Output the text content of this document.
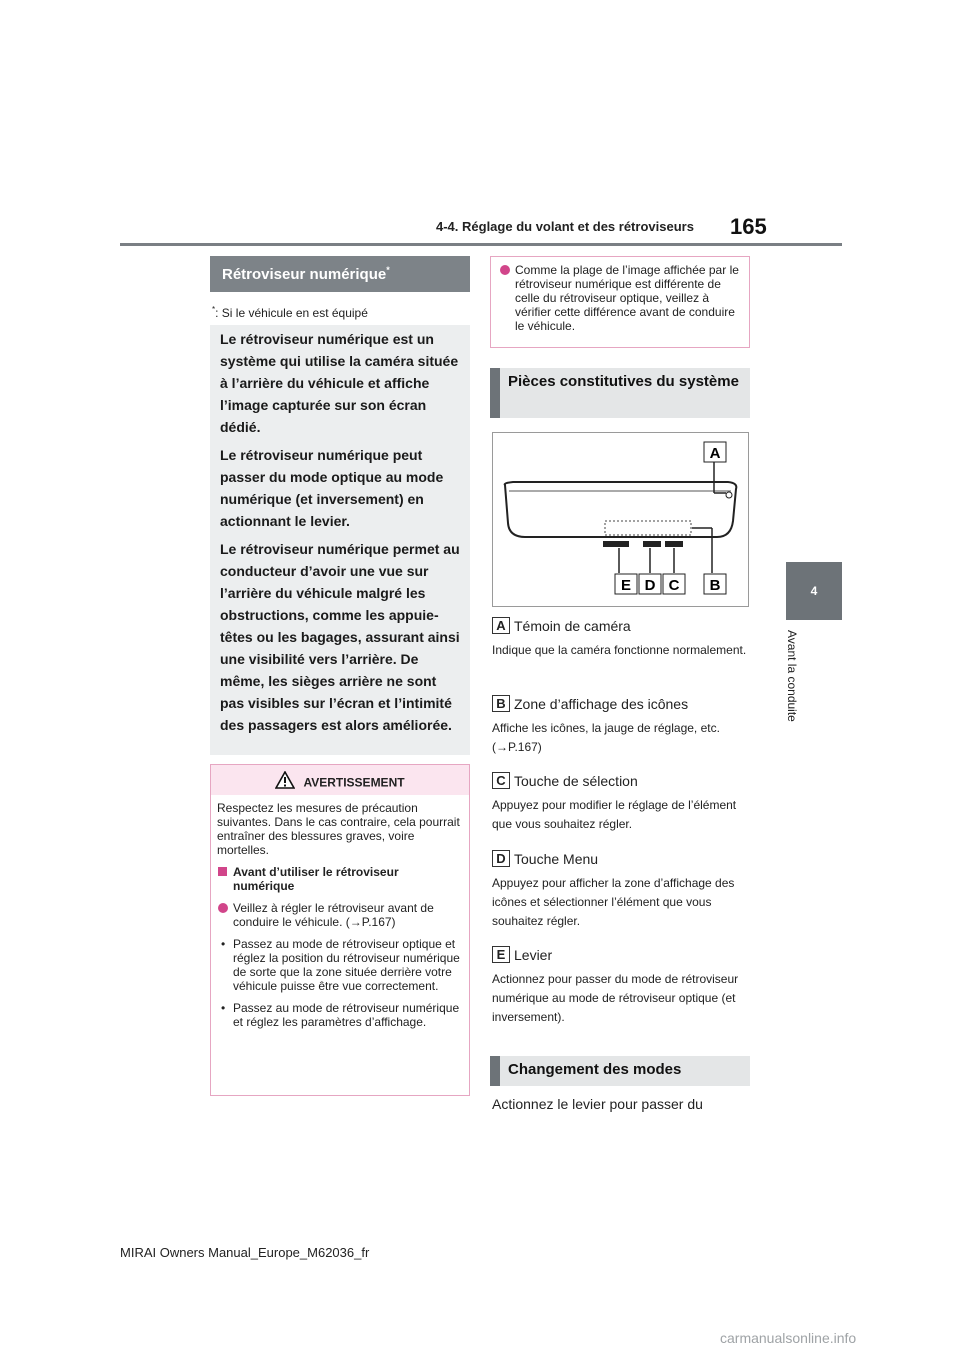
4-4. Réglage du volant et des rétroviseurs 165
4
Avant la conduite
Rétroviseur numérique*
*: Si le véhicule en est équipé

Le rétroviseur numérique est un système qui utilise la caméra située à l’arrière du véhicule et affiche l’image capturée sur son écran dédié.

Le rétroviseur numérique peut passer du mode optique au mode numérique (et inversement) en actionnant le levier.

Le rétroviseur numérique permet au conducteur d’avoir une vue sur l’arrière du véhicule malgré les obstructions, comme les appuie-têtes ou les bagages, assurant ainsi une visibilité vers l’arrière. De même, les sièges arrière ne sont pas visibles sur l’écran et l’intimité des passagers est alors améliorée.

AVERTISSEMENT

Respectez les mesures de précaution suivantes. Dans le cas contraire, cela pourrait entraîner des blessures graves, voire mortelles.

Avant d’utiliser le rétroviseur numérique
Veillez à régler le rétroviseur avant de conduire le véhicule. (→P.167)
• Passez au mode de rétroviseur optique et réglez la position du rétroviseur numérique de sorte que la zone située derrière votre véhicule puisse être vue correctement.
• Passez au mode de rétroviseur numérique et réglez les paramètres d’affichage.
Comme la plage de l’image affichée par le rétroviseur numérique est différente de celle du rétroviseur optique, veillez à vérifier cette différence avant de conduire le véhicule.
Pièces constitutives du système
A
B
C
D
E
A Témoin de caméra
Indique que la caméra fonctionne normalement.
B Zone d’affichage des icônes
Affiche les icônes, la jauge de réglage, etc. (→P.167)
C Touche de sélection
Appuyez pour modifier le réglage de l’élément que vous souhaitez régler.
D Touche Menu
Appuyez pour afficher la zone d’affichage des icônes et sélectionner l’élément que vous souhaitez régler.
E Levier
Actionnez pour passer du mode de rétroviseur numérique au mode de rétroviseur optique (et inversement).
Changement des modes
Actionnez le levier pour passer du
MIRAI Owners Manual_Europe_M62036_fr
carmanualsonline.info
